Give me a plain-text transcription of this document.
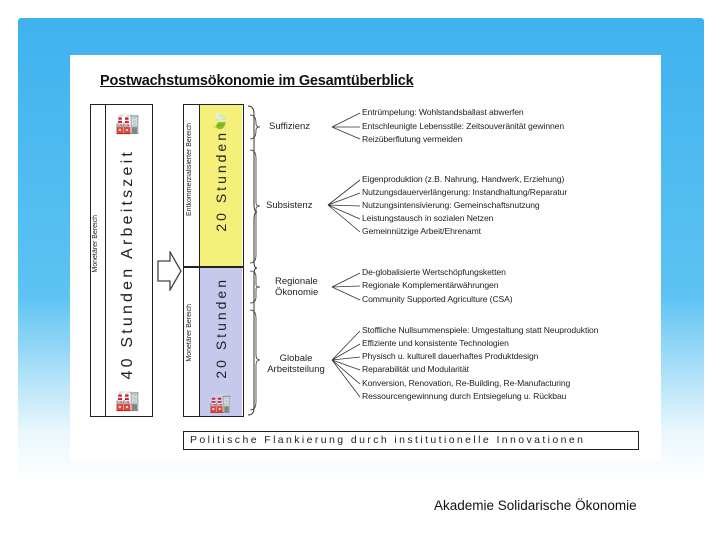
Postwachstumsökonomie im Gesamtüberblick
Monetärer Bereich 40 Stunden Arbeitszeit
🏭
🏭
Entkommerzialisierter Bereich 20 Stunden
Monetärer Bereich 20 Stunden
🍃
🏭
Suffizienz
Subsistenz
Regionale Ökonomie
Globale Arbeitsteilung
Entrümpelung: Wohlstandsballast abwerfen
Entschleunigte Lebensstile: Zeitsouveränität gewinnen
Reizüberflutung vermeiden
Eigenproduktion (z.B. Nahrung, Handwerk, Erziehung)
Nutzungsdauerverlängerung: Instandhaltung/Reparatur
Nutzungsintensivierung: Gemeinschaftsnutzung
Leistungstausch in sozialen Netzen
Gemeinnützige Arbeit/Ehrenamt
De-globalisierte Wertschöpfungsketten
Regionale Komplementärwährungen
Community Supported Agriculture (CSA)
Stoffliche Nullsummenspiele: Umgestaltung statt Neuproduktion
Effiziente und konsistente Technologien
Physisch u. kulturell dauerhaftes Produktdesign
Reparabilität und Modularität
Konversion, Renovation, Re-Building, Re-Manufacturing
Ressourcengewinnung durch Entsiegelung u. Rückbau
Politische Flankierung durch institutionelle Innovationen
Akademie Solidarische Ökonomie
